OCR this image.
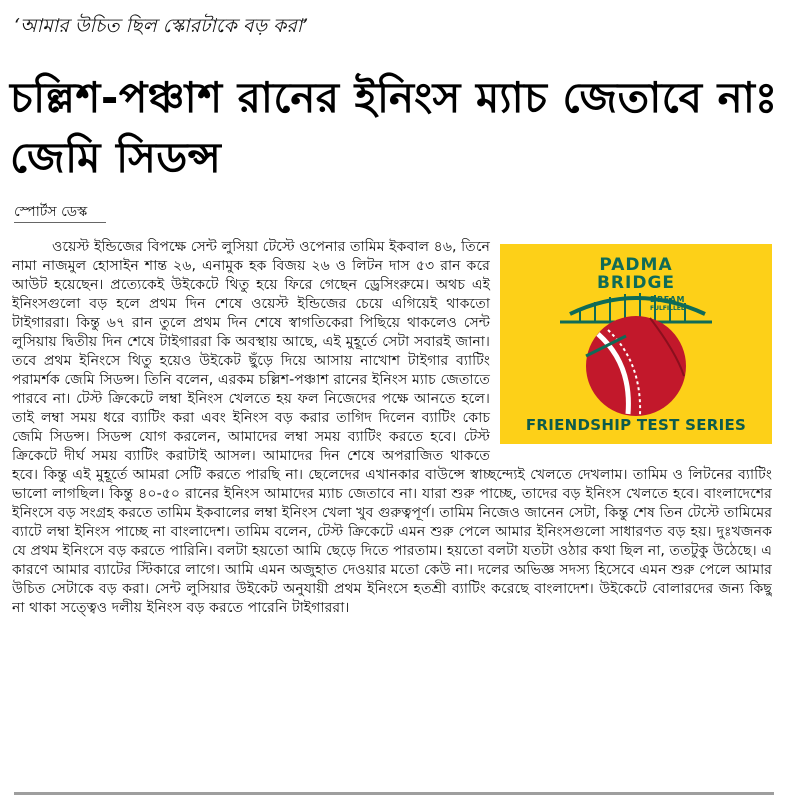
‘আমার উচিত ছিল স্কোরটাকে বড় করা’
চল্লিশ-পঞ্চাশ রানের ইনিংস ম্যাচ জেতাবে নাঃ জেমি সিডন্স
স্পোর্টস ডেস্ক
PADMA
BRIDGE
DREAM
FULFILLED
FRIENDSHIP TEST SERIES
ওয়েস্ট ইন্ডিজের বিপক্ষে সেন্ট লুসিয়া টেস্টে ওপেনার তামিম ইকবাল ৪৬, তিনে নামা নাজমুল হোসাইন শান্ত ২৬, এনামুক হক বিজয় ২৬ ও লিটন দাস ৫৩ রান করে আউট হয়েছেন। প্রত্যেকেই উইকেটে থিতু হয়ে ফিরে গেছেন ড্রেসিংরুমে। অথচ এই ইনিংসগুলো বড় হলে প্রথম দিন শেষে ওয়েস্ট ইন্ডিজের চেয়ে এগিয়েই থাকতো টাইগাররা। কিন্তু ৬৭ রান তুলে প্রথম দিন শেষে স্বাগতিকেরা পিছিয়ে থাকলেও সেন্ট লুসিয়ায় দ্বিতীয় দিন শেষে টাইগাররা কি অবস্থায় আছে, এই মুহূর্তে সেটা সবারই জানা। তবে প্রথম ইনিংসে থিতু হয়েও উইকেট ছুঁড়ে দিয়ে আসায় নাখোশ টাইগার ব্যাটিং পরামর্শক জেমি সিডন্স। তিনি বলেন, এরকম চল্লিশ-পঞ্চাশ রানের ইনিংস ম্যাচ জেতাতে পারবে না। টেস্ট ক্রিকেটে লম্বা ইনিংস খেলতে হয় ফল নিজেদের পক্ষে আনতে হলে। তাই লম্বা সময় ধরে ব্যাটিং করা এবং ইনিংস বড় করার তাগিদ দিলেন ব্যাটিং কোচ জেমি সিডন্স। সিডন্স যোগ করলেন, আমাদের লম্বা সময় ব্যাটিং করতে হবে। টেস্ট ক্রিকেটে দীর্ঘ সময় ব্যাটিং করাটাই আসল। আমাদের দিন শেষে অপরাজিত থাকতে হবে। কিন্তু এই মুহূর্তে আমরা সেটি করতে পারছি না। ছেলেদের এখানকার বাউন্সে স্বাচ্ছন্দ্যেই খেলতে দেখলাম। তামিম ও লিটনের ব্যাটিং ভালো লাগছিল। কিন্তু ৪০-৫০ রানের ইনিংস আমাদের ম্যাচ জেতাবে না। যারা শুরু পাচ্ছে, তাদের বড় ইনিংস খেলতে হবে। বাংলাদেশের ইনিংসে বড় সংগ্রহ করতে তামিম ইকবালের লম্বা ইনিংস খেলা খুব গুরুত্বপূর্ণ। তামিম নিজেও জানেন সেটা, কিন্তু শেষ তিন টেস্টে তামিমের ব্যাটে লম্বা ইনিংস পাচ্ছে না বাংলাদেশ। তামিম বলেন, টেস্ট ক্রিকেটে এমন শুরু পেলে আমার ইনিংসগুলো সাধারণত বড় হয়। দুঃখজনক যে প্রথম ইনিংসে বড় করতে পারিনি। বলটা হয়তো আমি ছেড়ে দিতে পারতাম। হয়তো বলটা যতটা ওঠার কথা ছিল না, ততটুকু উঠেছে। এ কারণে আমার ব্যাটের স্টিকারে লাগে। আমি এমন অজুহাত দেওয়ার মতো কেউ না। দলের অভিজ্ঞ সদস্য হিসেবে এমন শুরু পেলে আমার উচিত সেটাকে বড় করা। সেন্ট লুসিয়ার উইকেট অনুযায়ী প্রথম ইনিংসে হতশ্রী ব্যাটিং করেছে বাংলাদেশ। উইকেটে বোলারদের জন্য কিছু না থাকা সত্ত্বেও দলীয় ইনিংস বড় করতে পারেনি টাইগাররা।
